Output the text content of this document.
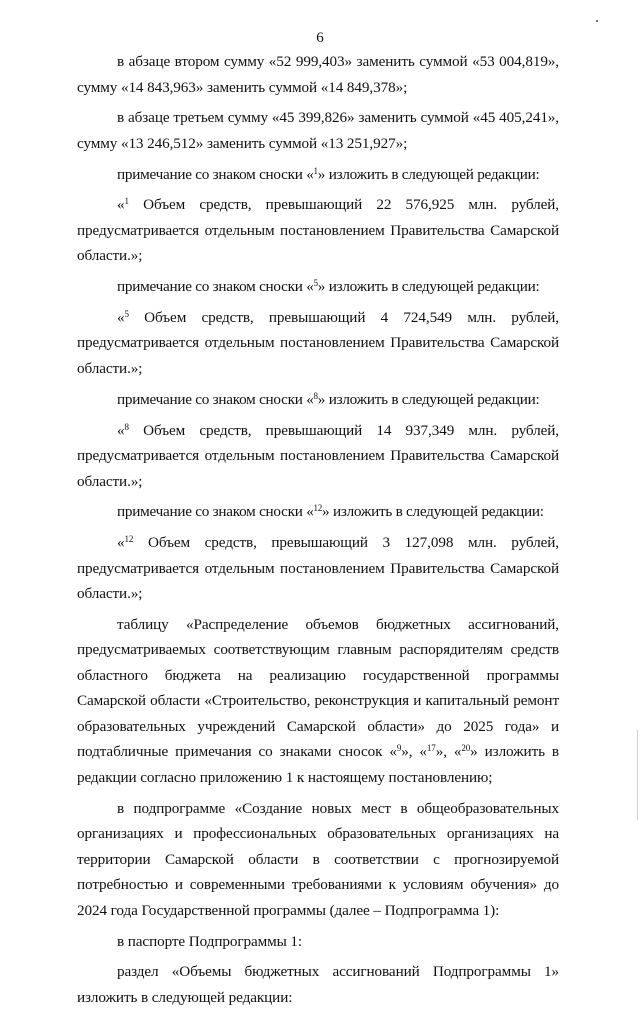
6

в абзаце втором сумму «52 999,403» заменить суммой «53 004,819», сумму «14 843,963» заменить суммой «14 849,378»;

в абзаце третьем сумму «45 399,826» заменить суммой «45 405,241», сумму «13 246,512» заменить суммой «13 251,927»;

примечание со знаком сноски «$^1$» изложить в следующей редакции:

«$^1$ Объем средств, превышающий 22 576,925 млн. рублей, предусматривается отдельным постановлением Правительства Самарской области.»;

примечание со знаком сноски «$^5$» изложить в следующей редакции:

«$^5$ Объем средств, превышающий 4 724,549 млн. рублей, предусматривается отдельным постановлением Правительства Самарской области.»;

примечание со знаком сноски «$^8$» изложить в следующей редакции:

«$^8$ Объем средств, превышающий 14 937,349 млн. рублей, предусматривается отдельным постановлением Правительства Самарской области.»;

примечание со знаком сноски «$^{12}$» изложить в следующей редакции:

«$^{12}$ Объем средств, превышающий 3 127,098 млн. рублей, предусматривается отдельным постановлением Правительства Самарской области.»;

таблицу «Распределение объемов бюджетных ассигнований, предусматриваемых соответствующим главным распорядителям средств областного бюджета на реализацию государственной программы Самарской области «Строительство, реконструкция и капитальный ремонт образовательных учреждений Самарской области» до 2025 года» и подтабличные примечания со знаками сносок «$^9$», «$^{17}$», «$^{20}$» изложить в редакции согласно приложению 1 к настоящему постановлению;

в подпрограмме «Создание новых мест в общеобразовательных организациях и профессиональных образовательных организациях на территории Самарской области в соответствии с прогнозируемой потребностью и современными требованиями к условиям обучения» до 2024 года Государственной программы (далее – Подпрограмма 1):

в паспорте Подпрограммы 1:

раздел «Объемы бюджетных ассигнований Подпрограммы 1» изложить в следующей редакции:
